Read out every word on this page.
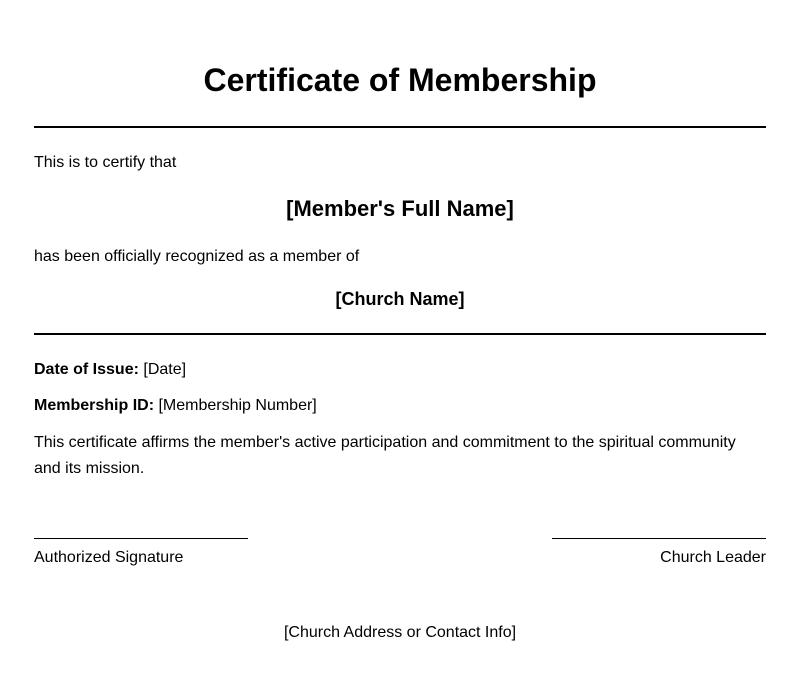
Certificate of Membership

This is to certify that

[Member's Full Name]

has been officially recognized as a member of

[Church Name]

Date of Issue: [Date]

Membership ID: [Membership Number]

This certificate affirms the member's active participation and commitment to the spiritual community and its mission.

Authorized Signature	Church Leader

[Church Address or Contact Info]
